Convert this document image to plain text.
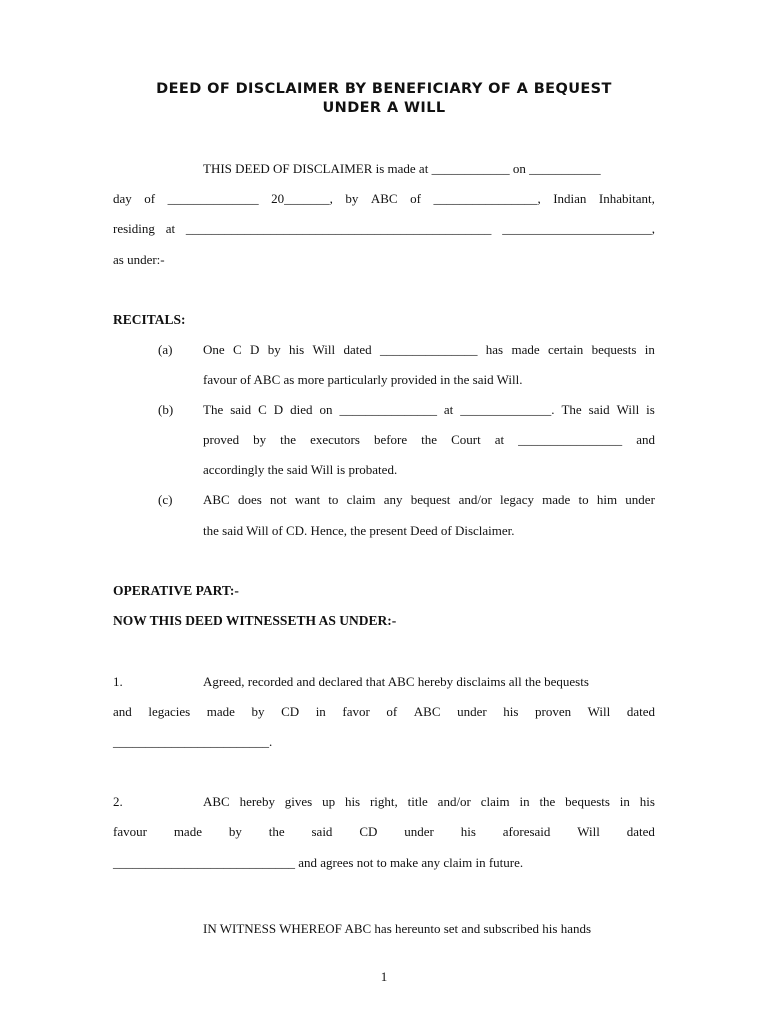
DEED OF DISCLAIMER BY BENEFICIARY OF A BEQUEST
UNDER A WILL
THIS DEED OF DISCLAIMER is made at ____________ on ___________
day of ______________ 20_______, by ABC of ________________, Indian Inhabitant,
residing at _______________________________________________ _______________________,
as under:-
RECITALS:
(a) One C D by his Will dated _______________ has made certain bequests in
favour of ABC as more particularly provided in the said Will.
(b) The said C D died on _______________ at ______________. The said Will is
proved by the executors before the Court at ________________ and
accordingly the said Will is probated.
(c) ABC does not want to claim any bequest and/or legacy made to him under
the said Will of CD. Hence, the present Deed of Disclaimer.
OPERATIVE PART:-
NOW THIS DEED WITNESSETH AS UNDER:-
1.	Agreed, recorded and declared that ABC hereby disclaims all the bequests
and legacies made by CD in favor of ABC under his proven Will dated
________________________.
2.	ABC hereby gives up his right, title and/or claim in the bequests in his
favour made by the said CD under his aforesaid Will dated
____________________________ and agrees not to make any claim in future.
IN WITNESS WHEREOF ABC has hereunto set and subscribed his hands
1
